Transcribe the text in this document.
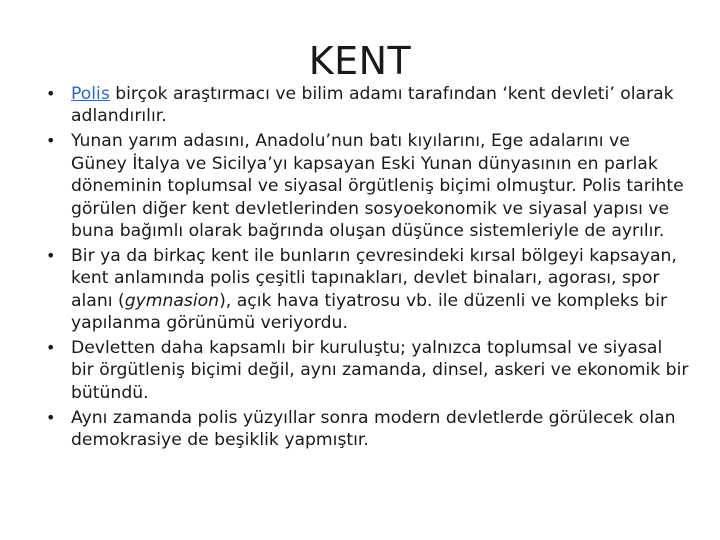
KENT
• Polis birçok araştırmacı ve bilim adamı tarafından ‘kent devleti’ olarak adlandırılır.
• Yunan yarım adasını, Anadolu’nun batı kıyılarını, Ege adalarını ve Güney İtalya ve Sicilya’yı kapsayan Eski Yunan dünyasının en parlak döneminin toplumsal ve siyasal örgütleniş biçimi olmuştur. Polis tarihte görülen diğer kent devletlerinden sosyoekonomik ve siyasal yapısı ve buna bağımlı olarak bağrında oluşan düşünce sistemleriyle de ayrılır.
• Bir ya da birkaç kent ile bunların çevresindeki kırsal bölgeyi kapsayan, kent anlamında polis çeşitli tapınakları, devlet binaları, agorası, spor alanı (gymnasion), açık hava tiyatrosu vb. ile düzenli ve kompleks bir yapılanma görünümü veriyordu.
• Devletten daha kapsamlı bir kuruluştu; yalnızca toplumsal ve siyasal bir örgütleniş biçimi değil, aynı zamanda, dinsel, askeri ve ekonomik bir bütündü.
• Aynı zamanda polis yüzyıllar sonra modern devletlerde görülecek olan demokrasiye de beşiklik yapmıştır.
